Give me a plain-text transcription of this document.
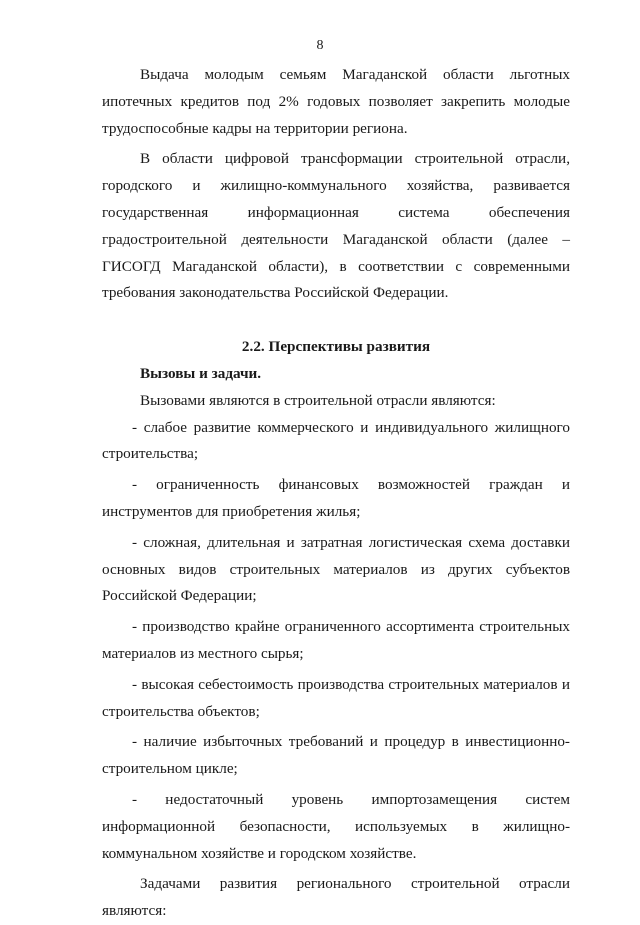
8

Выдача молодым семьям Магаданской области льготных ипотечных кредитов под 2% годовых позволяет закрепить молодые трудоспособные кадры на территории региона.

В области цифровой трансформации строительной отрасли, городского и жилищно-коммунального хозяйства, развивается государственная информационная система обеспечения градостроительной деятельности Магаданской области (далее – ГИСОГД Магаданской области), в соответствии с современными требования законодательства Российской Федерации.

2.2. Перспективы развития

Вызовы и задачи.

Вызовами являются в строительной отрасли являются:

- слабое развитие коммерческого и индивидуального жилищного строительства;

- ограниченность финансовых возможностей граждан и инструментов для приобретения жилья;

- сложная, длительная и затратная логистическая схема доставки основных видов строительных материалов из других субъектов Российской Федерации;

- производство крайне ограниченного ассортимента строительных материалов из местного сырья;

- высокая себестоимость производства строительных материалов и строительства объектов;

- наличие избыточных требований и процедур в инвестиционно-строительном цикле;

- недостаточный уровень импортозамещения систем информационной безопасности, используемых в жилищно-коммунальном хозяйстве и городском хозяйстве.

Задачами развития регионального строительной отрасли являются:
